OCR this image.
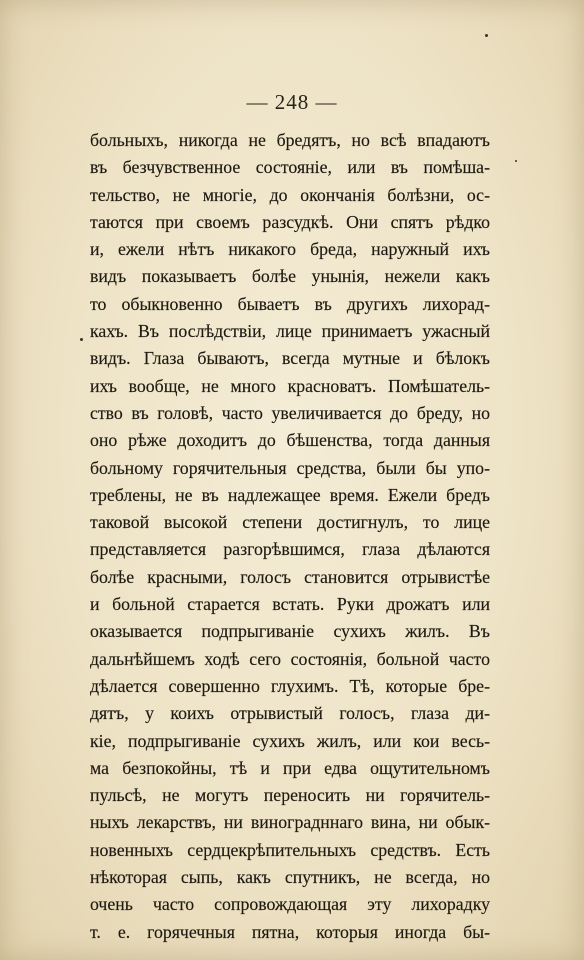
— 248 —
больныхъ, никогда не бредятъ, но всѣ впадаютъ
въ безчувственное состояніе, или въ помѣша-
тельство, не многіе, до окончанія болѣзни, ос-
таются при своемъ разсудкѣ. Они спятъ рѣдко
и, ежели нѣтъ никакого бреда, наружный ихъ
видъ показываетъ болѣе унынія, нежели какъ
то обыкновенно бываетъ въ другихъ лихорад-
кахъ. Въ послѣдствіи, лице принимаетъ ужасный
видъ. Глаза бываютъ, всегда мутные и бѣлокъ
ихъ вообще, не много красноватъ. Помѣшатель-
ство въ головѣ, часто увеличивается до бреду, но
оно рѣже доходитъ до бѣшенства, тогда данныя
больному горячительныя средства, были бы упо-
треблены, не въ надлежащее время. Ежели бредъ
таковой высокой степени достигнулъ, то лице
представляется разгорѣвшимся, глаза дѣлаются
болѣе красными, голосъ становится отрывистѣе
и больной старается встать. Руки дрожатъ или
оказывается подпрыгиваніе сухихъ жилъ. Въ
дальнѣйшемъ ходѣ сего состоянія, больной часто
дѣлается совершенно глухимъ. Тѣ, которые бре-
дятъ, у коихъ отрывистый голосъ, глаза ди-
кіе, подпрыгиваніе сухихъ жилъ, или кои весь-
ма безпокойны, тѣ и при едва ощутительномъ
пульсѣ, не могутъ переносить ни горячитель-
ныхъ лекарствъ, ни виноградннаго вина, ни обык-
новенныхъ сердцекрѣпительныхъ средствъ. Есть
нѣкоторая сыпь, какъ спутникъ, не всегда, но
очень часто сопровождающая эту лихорадку
т. е. горячечныя пятна, которыя иногда бы-
